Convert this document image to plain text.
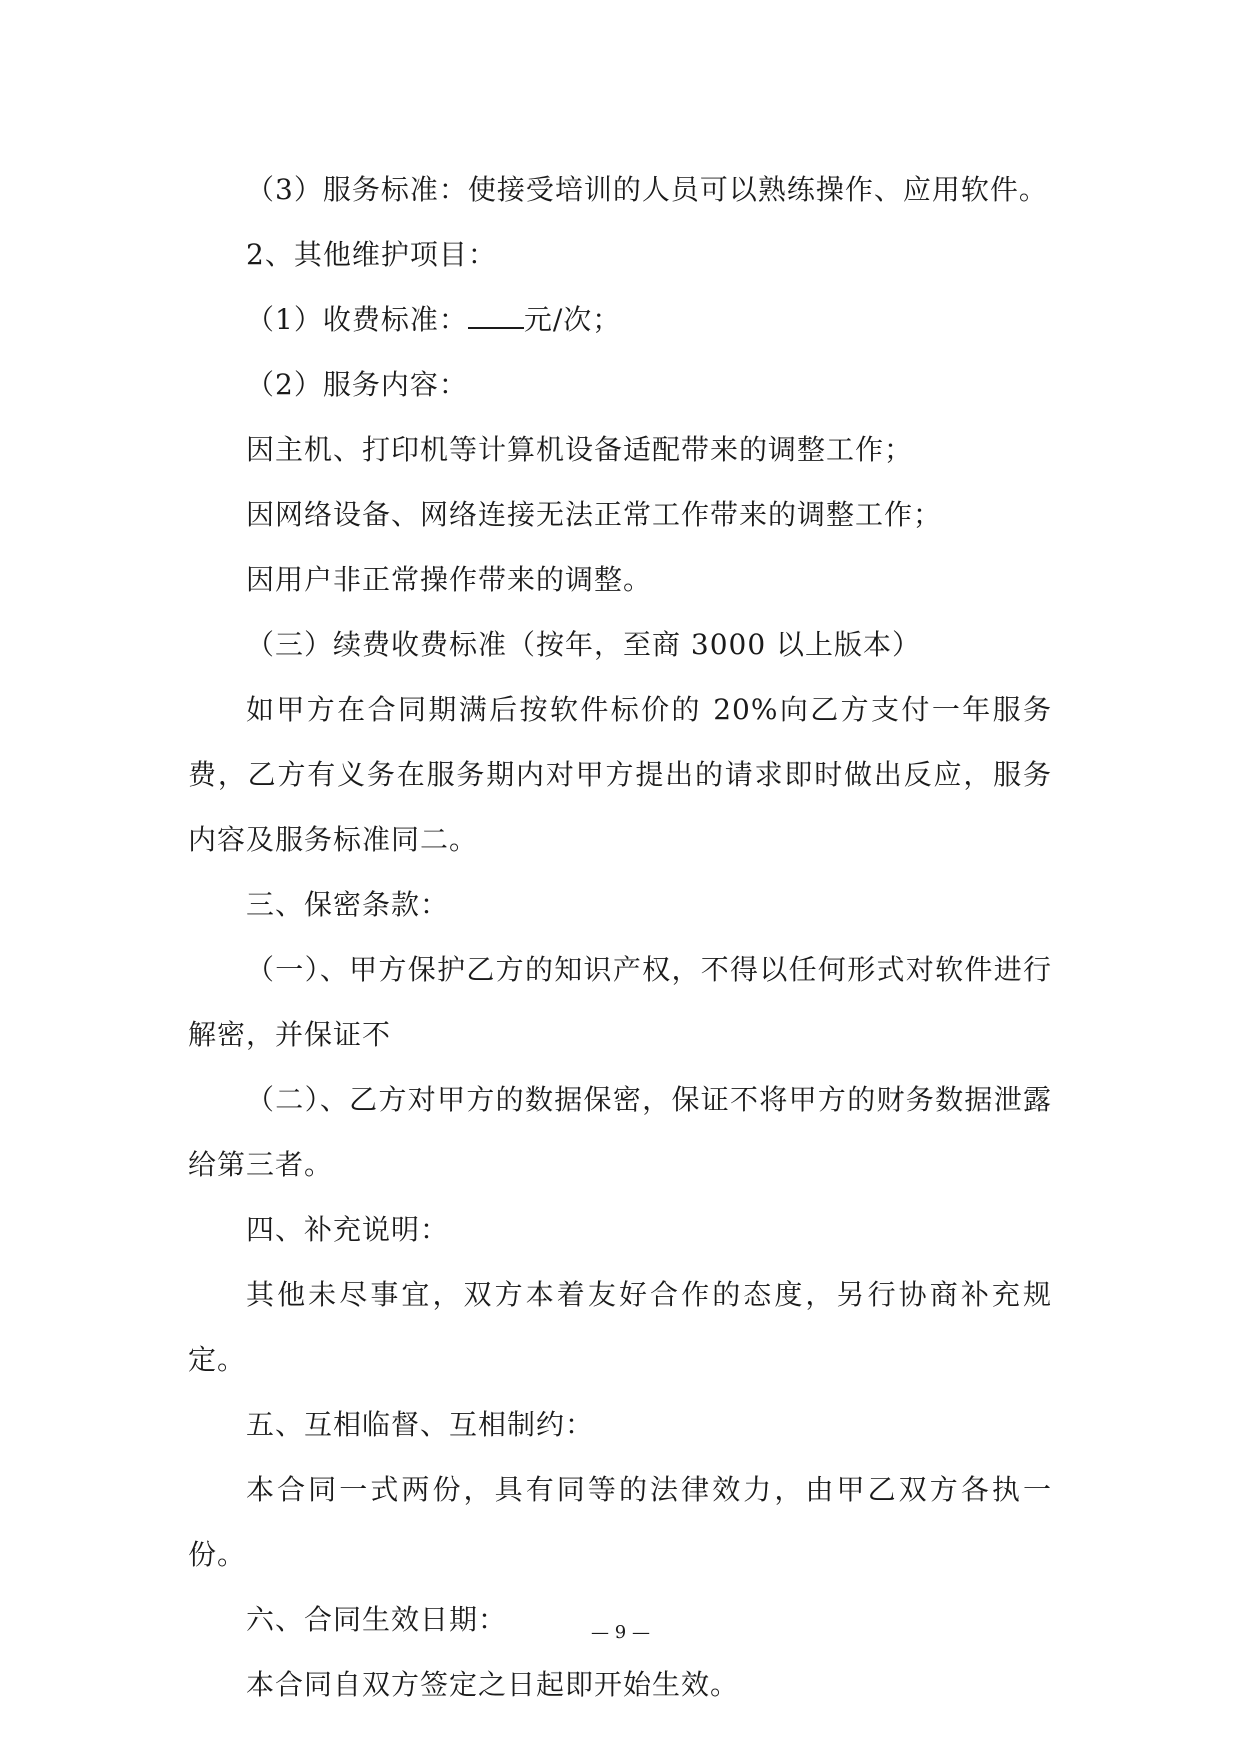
（3）服务标准：使接受培训的人员可以熟练操作、应用软件。

2、其他维护项目：

（1）收费标准： 元/次；

（2）服务内容：

因主机、打印机等计算机设备适配带来的调整工作；

因网络设备、网络连接无法正常工作带来的调整工作；

因用户非正常操作带来的调整。

（三）续费收费标准（按年，至商 3000 以上版本）

如甲方在合同期满后按软件标价的 20%向乙方支付一年服务费，乙方有义务在服务期内对甲方提出的请求即时做出反应，服务内容及服务标准同二。

三、保密条款：

（一）、甲方保护乙方的知识产权，不得以任何形式对软件进行解密，并保证不

（二）、乙方对甲方的数据保密，保证不将甲方的财务数据泄露给第三者。

四、补充说明：

其他未尽事宜，双方本着友好合作的态度，另行协商补充规定。

五、互相临督、互相制约：

本合同一式两份，具有同等的法律效力，由甲乙双方各执一份。

六、合同生效日期：

本合同自双方签定之日起即开始生效。

— 9 —
